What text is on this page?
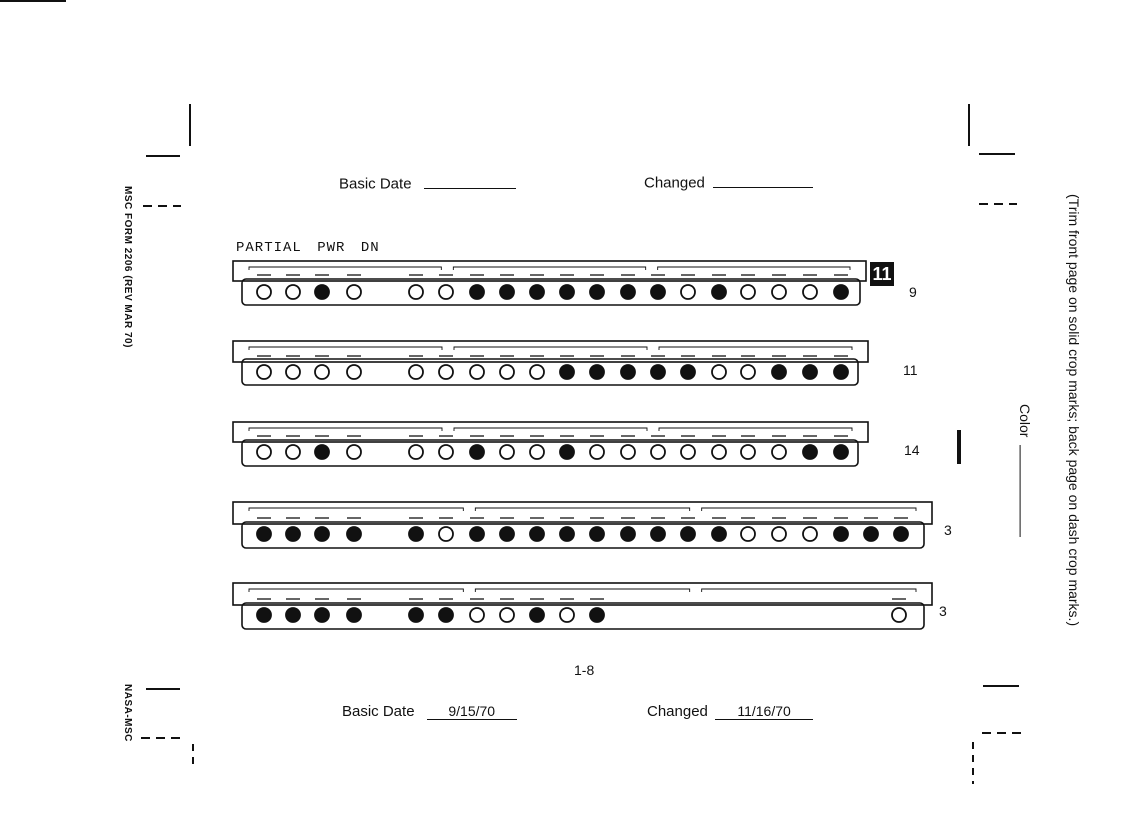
Basic Date	Changed
PARTIAL PWR DN
11
9
11
14
3
3
1-8
Basic Date 9/15/70	Changed 11/16/70
MSC FORM 2206 (REV MAR 70)
NASA-MSC
Color (Trim front page on solid crop marks; back page on dash crop marks.)
